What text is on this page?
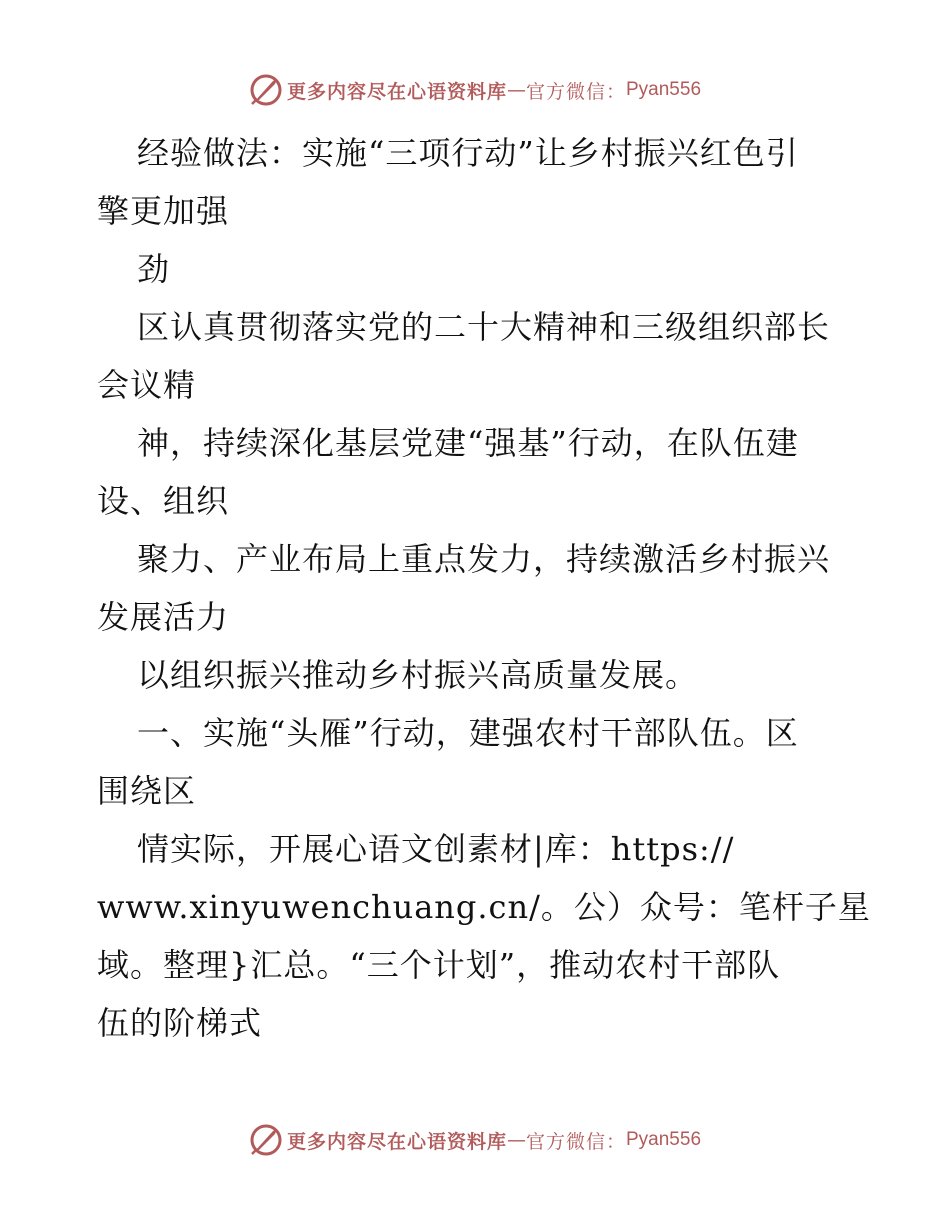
更多内容尽在心语资料库 — 官方微信： Pyan556
经验做法：实施“三项行动”让乡村振兴红色引
擎更加强
劲
区认真贯彻落实党的二十大精神和三级组织部长
会议精
神，持续深化基层党建“强基”行动，在队伍建
设、组织
聚力、产业布局上重点发力，持续激活乡村振兴
发展活力
以组织振兴推动乡村振兴高质量发展。
一、实施“头雁”行动，建强农村干部队伍。区
围绕区
情实际，开展心语文创素材|库：https://
www.xinyuwenchuang.cn/。公）众号：笔杆子星
域。整理}汇总。“三个计划”，推动农村干部队
伍的阶梯式
更多内容尽在心语资料库 — 官方微信： Pyan556
